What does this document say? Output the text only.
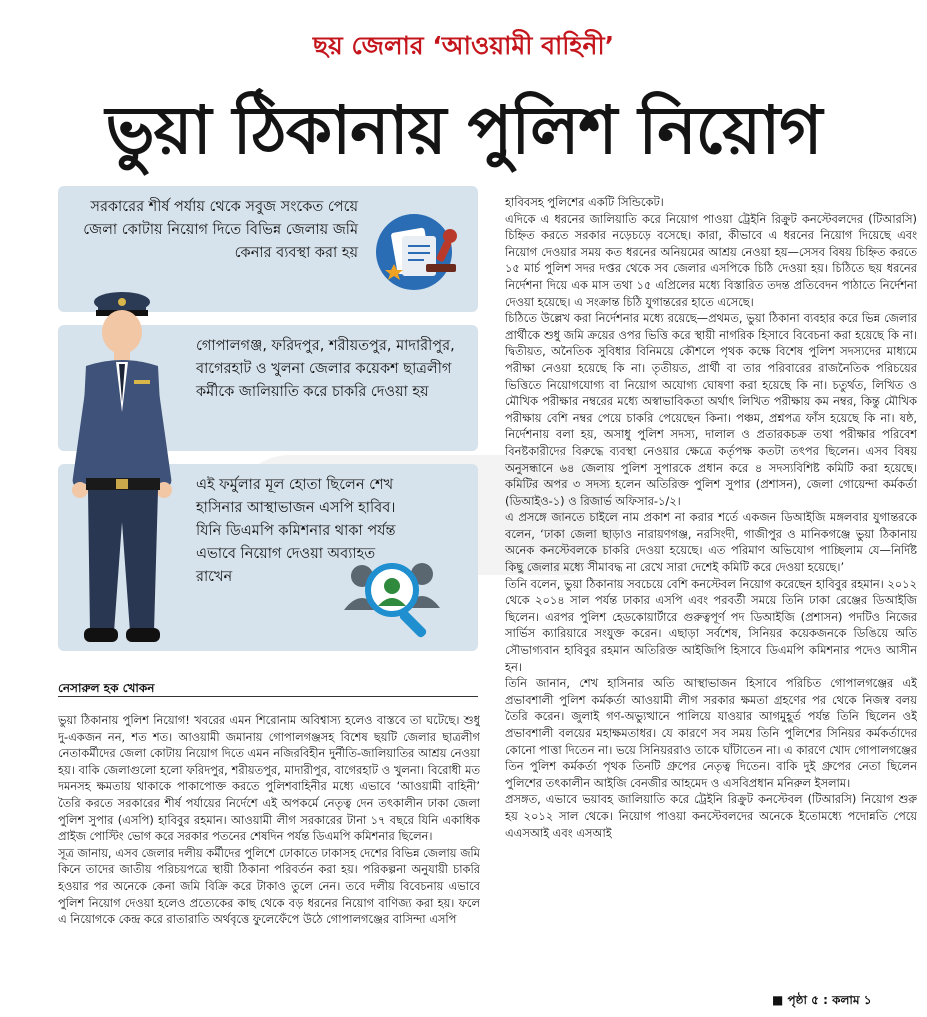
ছয় জেলার ‘আওয়ামী বাহিনী’
ভুয়া ঠিকানায় পুলিশ নিয়োগ
সরকারের শীর্ষ পর্যায় থেকে সবুজ সংকেত পেয়ে জেলা কোটায় নিয়োগ দিতে বিভিন্ন জেলায় জমি কেনার ব্যবস্থা করা হয়
গোপালগঞ্জ, ফরিদপুর, শরীয়তপুর, মাদারীপুর, বাগেরহাট ও খুলনা জেলার কয়েকশ ছাত্রলীগ কর্মীকে জালিয়াতি করে চাকরি দেওয়া হয়
এই ফর্মুলার মূল হোতা ছিলেন শেখ হাসিনার আস্থাভাজন এসপি হাবিব। যিনি ডিএমপি কমিশনার থাকা পর্যন্ত এভাবে নিয়োগ দেওয়া অব্যাহত রাখেন
নেসারুল হক খোকন

ভুয়া ঠিকানায় পুলিশ নিয়োগ! খবরের এমন শিরোনাম অবিশ্বাস্য হলেও বাস্তবে তা ঘটেছে। শুধু দু-একজন নন, শত শত। আওয়ামী জমানায় গোপালগঞ্জসহ বিশেষ ছয়টি জেলার ছাত্রলীগ নেতাকর্মীদের জেলা কোটায় নিয়োগ দিতে এমন নজিরবিহীন দুর্নীতি-জালিয়াতির আশ্রয় নেওয়া হয়। বাকি জেলাগুলো হলো ফরিদপুর, শরীয়তপুর, মাদারীপুর, বাগেরহাট ও খুলনা। বিরোধী মত দমনসহ ক্ষমতায় থাকাকে পাকাপোক্ত করতে পুলিশবাহিনীর মধ্যে এভাবে ‘আওয়ামী বাহিনী’ তৈরি করতে সরকারের শীর্ষ পর্যায়ের নির্দেশে এই অপকর্মে নেতৃত্ব দেন তৎকালীন ঢাকা জেলা পুলিশ সুপার (এসপি) হাবিবুর রহমান। আওয়ামী লীগ সরকারের টানা ১৭ বছরে যিনি একাধিক প্রাইজ পোস্টিং ভোগ করে সরকার পতনের শেষদিন পর্যন্ত ডিএমপি কমিশনার ছিলেন।

সূত্র জানায়, এসব জেলার দলীয় কর্মীদের পুলিশে ঢোকাতে ঢাকাসহ দেশের বিভিন্ন জেলায় জমি কিনে তাদের জাতীয় পরিচয়পত্রে স্থায়ী ঠিকানা পরিবর্তন করা হয়। পরিকল্পনা অনুযায়ী চাকরি হওয়ার পর অনেকে কেনা জমি বিক্রি করে টাকাও তুলে নেন। তবে দলীয় বিবেচনায় এভাবে পুলিশ নিয়োগ দেওয়া হলেও প্রত্যেকের কাছ থেকে বড় ধরনের নিয়োগ বাণিজ্য করা হয়। ফলে এ নিয়োগকে কেন্দ্র করে রাতারাতি অর্থবৃত্তে ফুলেফেঁপে উঠে গোপালগঞ্জের বাসিন্দা এসপি

হাবিবসহ পুলিশের একটি সিন্ডিকেট।

এদিকে এ ধরনের জালিয়াতি করে নিয়োগ পাওয়া ট্রেইনি রিক্রুট কনস্টেবলদের (টিআরসি) চিহ্নিত করতে সরকার নড়েচড়ে বসেছে। কারা, কীভাবে এ ধরনের নিয়োগ দিয়েছে এবং নিয়োগ দেওয়ার সময় কত ধরনের অনিয়মের আশ্রয় নেওয়া হয়—সেসব বিষয় চিহ্নিত করতে ১৫ মার্চ পুলিশ সদর দপ্তর থেকে সব জেলার এসপিকে চিঠি দেওয়া হয়। চিঠিতে ছয় ধরনের নির্দেশনা দিয়ে এক মাস তথা ১৫ এপ্রিলের মধ্যে বিস্তারিত তদন্ত প্রতিবেদন পাঠাতে নির্দেশনা দেওয়া হয়েছে। এ সংক্রান্ত চিঠি যুগান্তরের হাতে এসেছে।

চিঠিতে উল্লেখ করা নির্দেশনার মধ্যে রয়েছে—প্রথমত, ভুয়া ঠিকানা ব্যবহার করে ভিন্ন জেলার প্রার্থীকে শুধু জমি ক্রয়ের ওপর ভিত্তি করে স্থায়ী নাগরিক হিসাবে বিবেচনা করা হয়েছে কি না। দ্বিতীয়ত, অনৈতিক সুবিধার বিনিময়ে কৌশলে পৃথক কক্ষে বিশেষ পুলিশ সদস্যদের মাধ্যমে পরীক্ষা নেওয়া হয়েছে কি না। তৃতীয়ত, প্রার্থী বা তার পরিবারের রাজনৈতিক পরিচয়ের ভিত্তিতে নিয়োগযোগ্য বা নিয়োগ অযোগ্য ঘোষণা করা হয়েছে কি না। চতুর্থত, লিখিত ও মৌখিক পরীক্ষার নম্বরের মধ্যে অস্বাভাবিকতা অর্থাৎ লিখিত পরীক্ষায় কম নম্বর, কিন্তু মৌখিক পরীক্ষায় বেশি নম্বর পেয়ে চাকরি পেয়েছেন কিনা। পঞ্চম, প্রশ্নপত্র ফাঁস হয়েছে কি না। ষষ্ঠ, নির্দেশনায় বলা হয়, অসাধু পুলিশ সদস্য, দালাল ও প্রতারকচক্র তথা পরীক্ষার পরিবেশ বিনষ্টকারীদের বিরুদ্ধে ব্যবস্থা নেওয়ার ক্ষেত্রে কর্তৃপক্ষ কতটা তৎপর ছিলেন। এসব বিষয় অনুসন্ধানে ৬৪ জেলায় পুলিশ সুপারকে প্রধান করে ৪ সদস্যবিশিষ্ট কমিটি করা হয়েছে। কমিটির অপর ৩ সদস্য হলেন অতিরিক্ত পুলিশ সুপার (প্রশাসন), জেলা গোয়েন্দা কর্মকর্তা (ডিআইও-১) ও রিজার্ভ অফিসার-১/২।

এ প্রসঙ্গে জানতে চাইলে নাম প্রকাশ না করার শর্তে একজন ডিআইজি মঙ্গলবার যুগান্তরকে বলেন, ‘ঢাকা জেলা ছাড়াও নারায়ণগঞ্জ, নরসিংদী, গাজীপুর ও মানিকগঞ্জে ভুয়া ঠিকানায় অনেক কনস্টেবলকে চাকরি দেওয়া হয়েছে। এত পরিমাণ অভিযোগ পাচ্ছিলাম যে—নির্দিষ্ট কিছু জেলার মধ্যে সীমাবদ্ধ না রেখে সারা দেশেই কমিটি করে দেওয়া হয়েছে।’

তিনি বলেন, ভুয়া ঠিকানায় সবচেয়ে বেশি কনস্টেবল নিয়োগ করেছেন হাবিবুর রহমান। ২০১২ থেকে ২০১৪ সাল পর্যন্ত ঢাকার এসপি এবং পরবর্তী সময়ে তিনি ঢাকা রেঞ্জের ডিআইজি ছিলেন। এরপর পুলিশ হেডকোয়ার্টারে গুরুত্বপূর্ণ পদ ডিআইজি (প্রশাসন) পদটিও নিজের সার্ভিস ক্যারিয়ারে সংযুক্ত করেন। এছাড়া সর্বশেষ, সিনিয়র কয়েকজনকে ডিঙিয়ে অতি সৌভাগ্যবান হাবিবুর রহমান অতিরিক্ত আইজিপি হিসাবে ডিএমপি কমিশনার পদেও আসীন হন।

তিনি জানান, শেখ হাসিনার অতি আস্থাভাজন হিসাবে পরিচিত গোপালগঞ্জের এই প্রভাবশালী পুলিশ কর্মকর্তা আওয়ামী লীগ সরকার ক্ষমতা গ্রহণের পর থেকে নিজস্ব বলয় তৈরি করেন। জুলাই গণ-অভ্যুত্থানে পালিয়ে যাওয়ার আগমুহূর্ত পর্যন্ত তিনি ছিলেন ওই প্রভাবশালী বলয়ের মহাক্ষমতাধর। যে কারণে সব সময় তিনি পুলিশের সিনিয়র কর্মকর্তাদের কোনো পাত্তা দিতেন না। ভয়ে সিনিয়ররাও তাকে ঘাঁটাতেন না। এ কারণে খোদ গোপালগঞ্জের তিন পুলিশ কর্মকর্তা পৃথক তিনটি গ্রুপের নেতৃত্ব দিতেন। বাকি দুই গ্রুপের নেতা ছিলেন পুলিশের তৎকালীন আইজি বেনজীর আহমেদ ও এসবিপ্রধান মনিরুল ইসলাম।

প্রসঙ্গত, এভাবে ভয়াবহ জালিয়াতি করে ট্রেইনি রিক্রুট কনস্টেবল (টিআরসি) নিয়োগ শুরু হয় ২০১২ সাল থেকে। নিয়োগ পাওয়া কনস্টেবলদের অনেকে ইতোমধ্যে পদোন্নতি পেয়ে এএসআই এবং এসআই

■ পৃষ্ঠা ৫ : কলাম ১
